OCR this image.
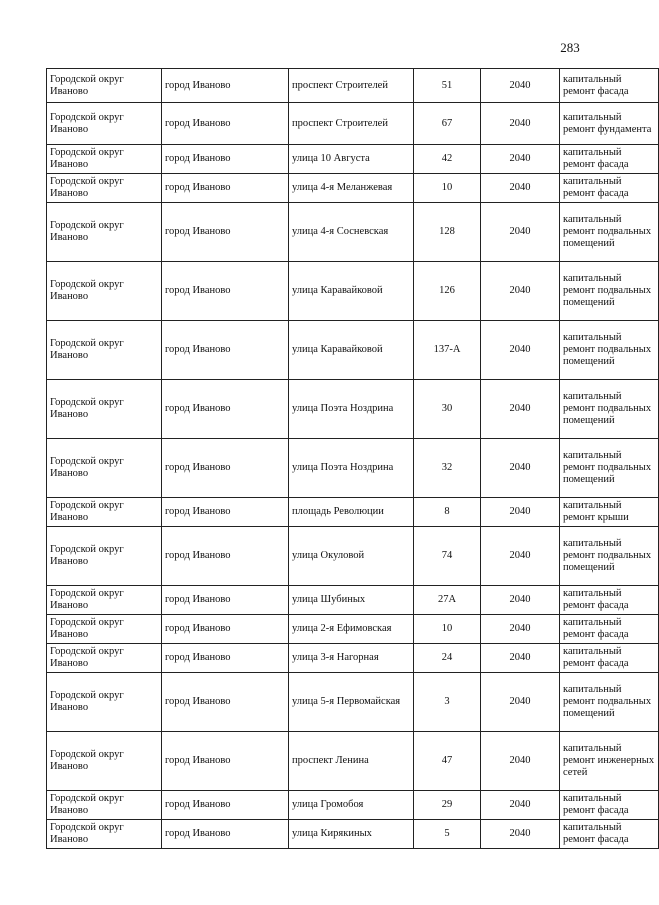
283
Городской округ Иваново	город Иваново	проспект Строителей	51	2040	капитальный ремонт фасада
Городской округ Иваново	город Иваново	проспект Строителей	67	2040	капитальный ремонт фундамента
Городской округ Иваново	город Иваново	улица 10 Августа	42	2040	капитальный ремонт фасада
Городской округ Иваново	город Иваново	улица 4-я Меланжевая	10	2040	капитальный ремонт фасада
Городской округ Иваново	город Иваново	улица 4-я Сосневская	128	2040	капитальный ремонт подвальных помещений
Городской округ Иваново	город Иваново	улица Каравайковой	126	2040	капитальный ремонт подвальных помещений
Городской округ Иваново	город Иваново	улица Каравайковой	137-А	2040	капитальный ремонт подвальных помещений
Городской округ Иваново	город Иваново	улица Поэта Ноздрина	30	2040	капитальный ремонт подвальных помещений
Городской округ Иваново	город Иваново	улица Поэта Ноздрина	32	2040	капитальный ремонт подвальных помещений
Городской округ Иваново	город Иваново	площадь Революции	8	2040	капитальный ремонт крыши
Городской округ Иваново	город Иваново	улица Окуловой	74	2040	капитальный ремонт подвальных помещений
Городской округ Иваново	город Иваново	улица Шубиных	27А	2040	капитальный ремонт фасада
Городской округ Иваново	город Иваново	улица 2-я Ефимовская	10	2040	капитальный ремонт фасада
Городской округ Иваново	город Иваново	улица 3-я Нагорная	24	2040	капитальный ремонт фасада
Городской округ Иваново	город Иваново	улица 5-я Первомайская	3	2040	капитальный ремонт подвальных помещений
Городской округ Иваново	город Иваново	проспект Ленина	47	2040	капитальный ремонт инженерных сетей
Городской округ Иваново	город Иваново	улица Громобоя	29	2040	капитальный ремонт фасада
Городской округ Иваново	город Иваново	улица Кирякиных	5	2040	капитальный ремонт фасада
